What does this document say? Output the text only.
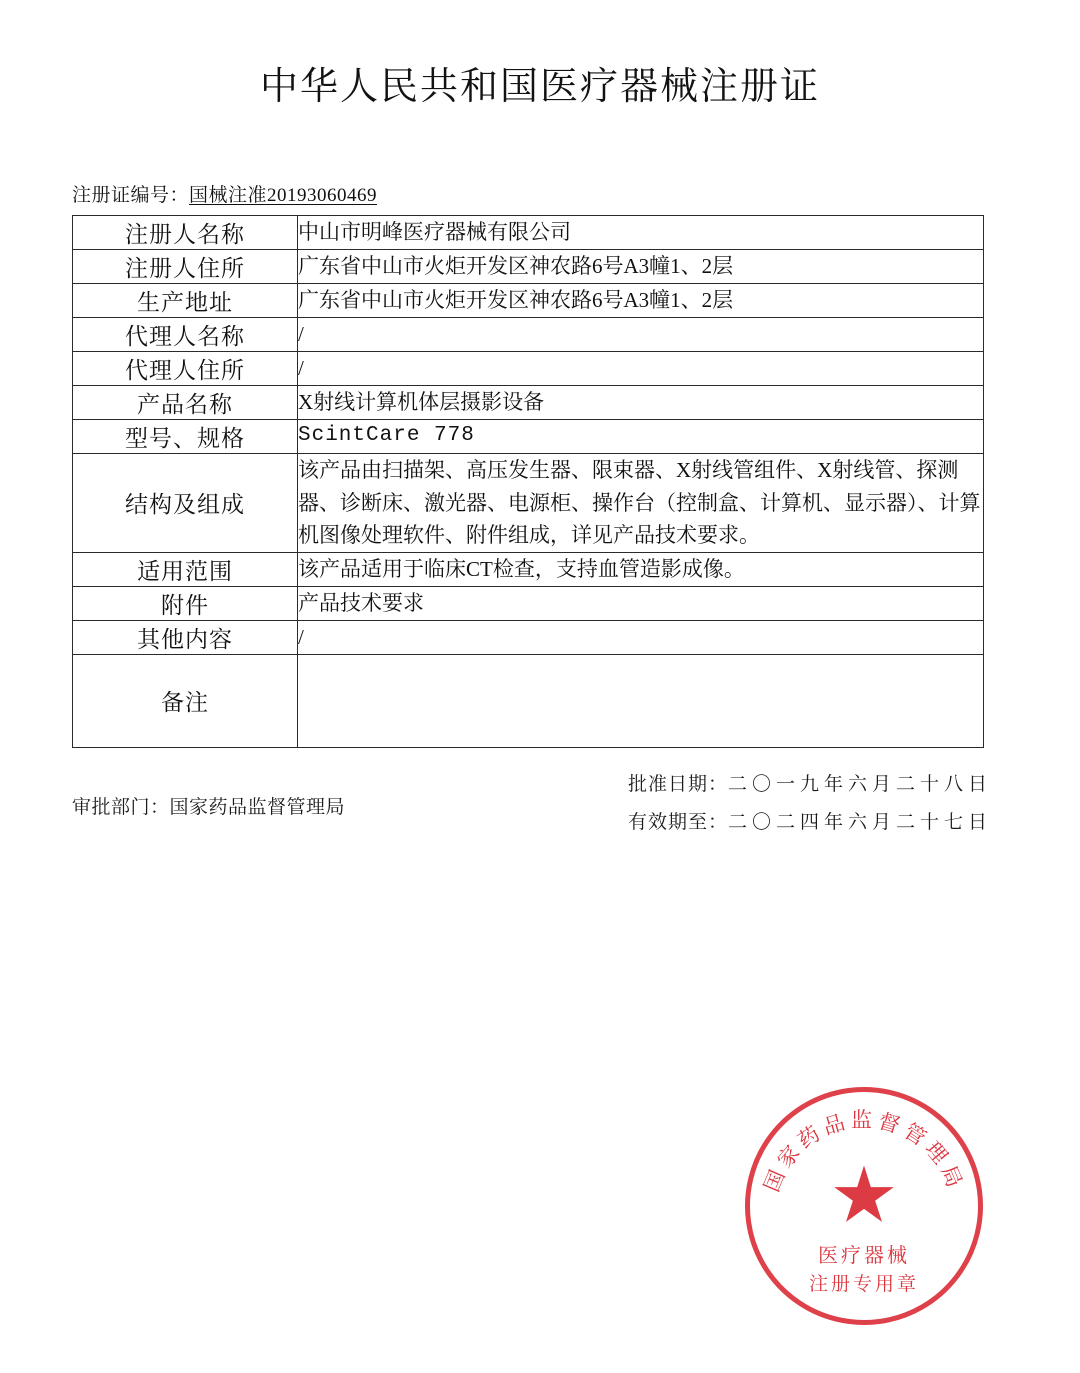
中华人民共和国医疗器械注册证
注册证编号：国械注准20193060469
注册人名称	中山市明峰医疗器械有限公司
注册人住所	广东省中山市火炬开发区神农路6号A3幢1、2层
生产地址	广东省中山市火炬开发区神农路6号A3幢1、2层
代理人名称	/
代理人住所	/
产品名称	X射线计算机体层摄影设备
型号、规格	ScintCare 778
结构及组成	该产品由扫描架、高压发生器、限束器、X射线管组件、X射线管、探测器、诊断床、激光器、电源柜、操作台（控制盒、计算机、显示器）、计算机图像处理软件、附件组成，详见产品技术要求。
适用范围	该产品适用于临床CT检查，支持血管造影成像。
附件	产品技术要求
其他内容	/
备注	
审批部门：国家药品监督管理局
批准日期：二〇一九年六月二十八日
有效期至：二〇二四年六月二十七日
国家药品监督管理局
医疗器械
注册专用章
